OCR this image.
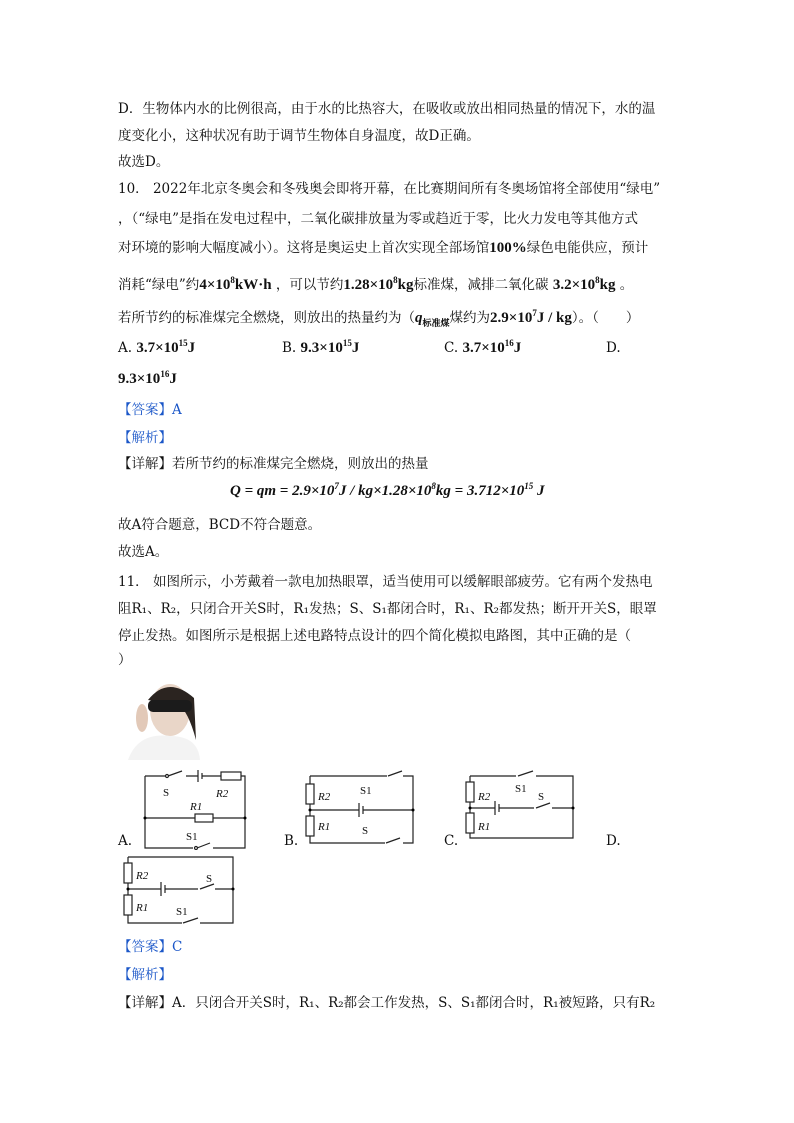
D．生物体内水的比例很高，由于水的比热容大，在吸收或放出相同热量的情况下，水的温
度变化小，这种状况有助于调节生物体自身温度，故D正确。
故选D。
10． 2022年北京冬奥会和冬残奥会即将开幕，在比赛期间所有冬奥场馆将全部使用“绿电”
，（“绿电”是指在发电过程中，二氧化碳排放量为零或趋近于零，比火力发电等其他方式
对环境的影响大幅度减小）。这将是奥运史上首次实现全部场馆100%绿色电能供应，预计
消耗“绿电”约$4\times 10^8kW\cdot h$ ，可以节约$1.28\times 10^8kg$标准煤，减排二氧化碳 $3.2\times 10^8kg$ 。
若所节约的标准煤完全燃烧，则放出的热量约为（$q_{标准煤}$煤约为$2.9\times 10^7J / kg$）。（　　）
A. $3.7\times 10^{15}J$	B. $9.3\times 10^{15}J$	C. $3.7\times 10^{16}J$	D.
$9.3\times 10^{16}J$
【答案】A
【解析】
【详解】若所节约的标准煤完全燃烧，则放出的热量
Q = qm = $2.9\times 10^7J / kg\times 1.28\times 10^8kg = 3.712\times 10^{15}$ J
故A符合题意，BCD不符合题意。
故选A。
11． 如图所示，小芳戴着一款电加热眼罩，适当使用可以缓解眼部疲劳。它有两个发热电
阻R₁、R₂，只闭合开关S时，R₁发热；S、S₁都闭合时，R₁、R₂都发热；断开开关S，眼罩
停止发热。如图所示是根据上述电路特点设计的四个简化模拟电路图，其中正确的是（
）
S	R2
R1
S1
A.
R2	S1
R1	S
B.
R2
S1
S
R1
C.	D.
R2	S
R1	S1
【答案】C
【解析】
【详解】A．只闭合开关S时，R₁、R₂都会工作发热，S、S₁都闭合时，R₁被短路，只有R₂
